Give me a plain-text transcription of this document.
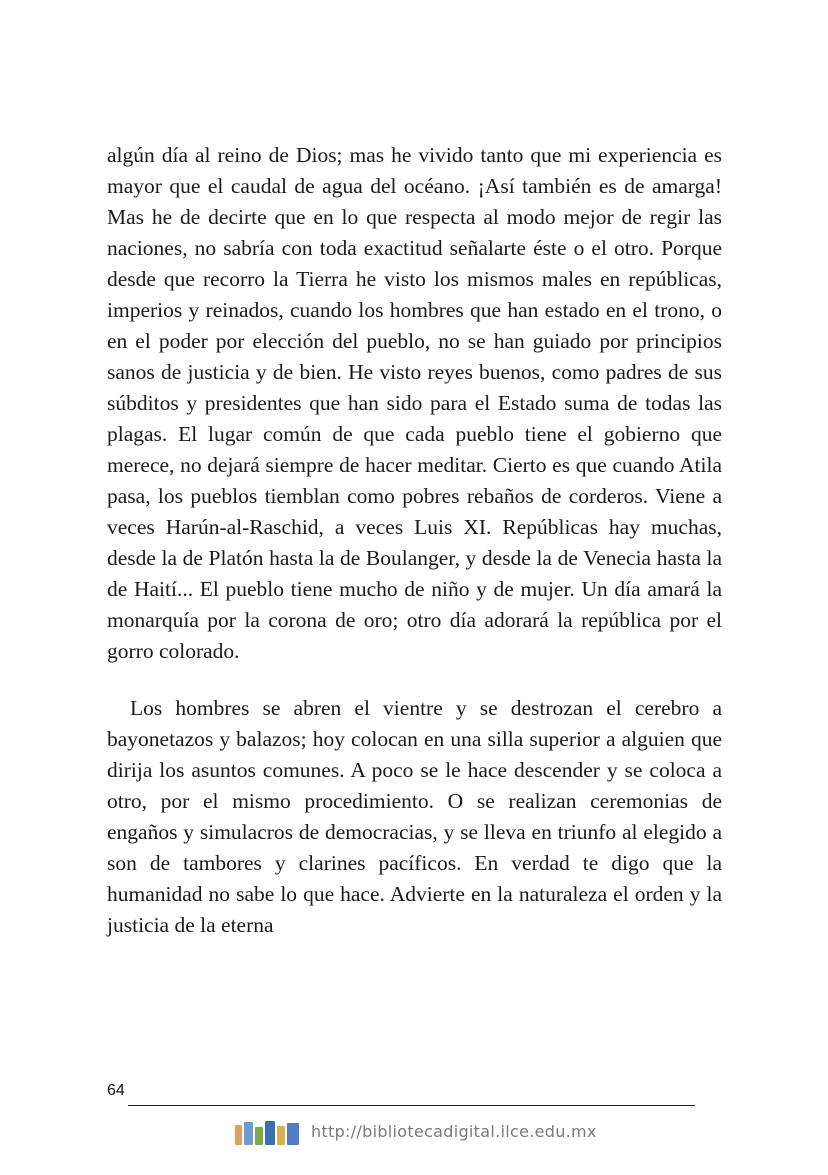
algún día al reino de Dios; mas he vivido tanto que mi experiencia es mayor que el caudal de agua del océano. ¡Así también es de amarga! Mas he de decirte que en lo que respecta al modo mejor de regir las naciones, no sabría con toda exactitud señalarte éste o el otro. Porque desde que recorro la Tierra he visto los mismos males en repúblicas, imperios y reinados, cuando los hombres que han estado en el trono, o en el poder por elección del pueblo, no se han guiado por principios sanos de justicia y de bien. He visto reyes buenos, como padres de sus súbditos y presidentes que han sido para el Estado suma de todas las plagas. El lugar común de que cada pueblo tiene el gobierno que merece, no dejará siempre de hacer meditar. Cierto es que cuando Atila pasa, los pueblos tiemblan como pobres rebaños de corderos. Viene a veces Harún-al-Raschid, a veces Luis XI. Repúblicas hay muchas, desde la de Platón hasta la de Boulanger, y desde la de Venecia hasta la de Haití... El pueblo tiene mucho de niño y de mujer. Un día amará la monarquía por la corona de oro; otro día adorará la república por el gorro colorado.

Los hombres se abren el vientre y se destrozan el cerebro a bayonetazos y balazos; hoy colocan en una silla superior a alguien que dirija los asuntos comunes. A poco se le hace descender y se coloca a otro, por el mismo procedimiento. O se realizan ceremonias de engaños y simulacros de democracias, y se lleva en triunfo al elegido a son de tambores y clarines pacíficos. En verdad te digo que la humanidad no sabe lo que hace. Advierte en la naturaleza el orden y la justicia de la eterna

64
http://bibliotecadigital.ilce.edu.mx
